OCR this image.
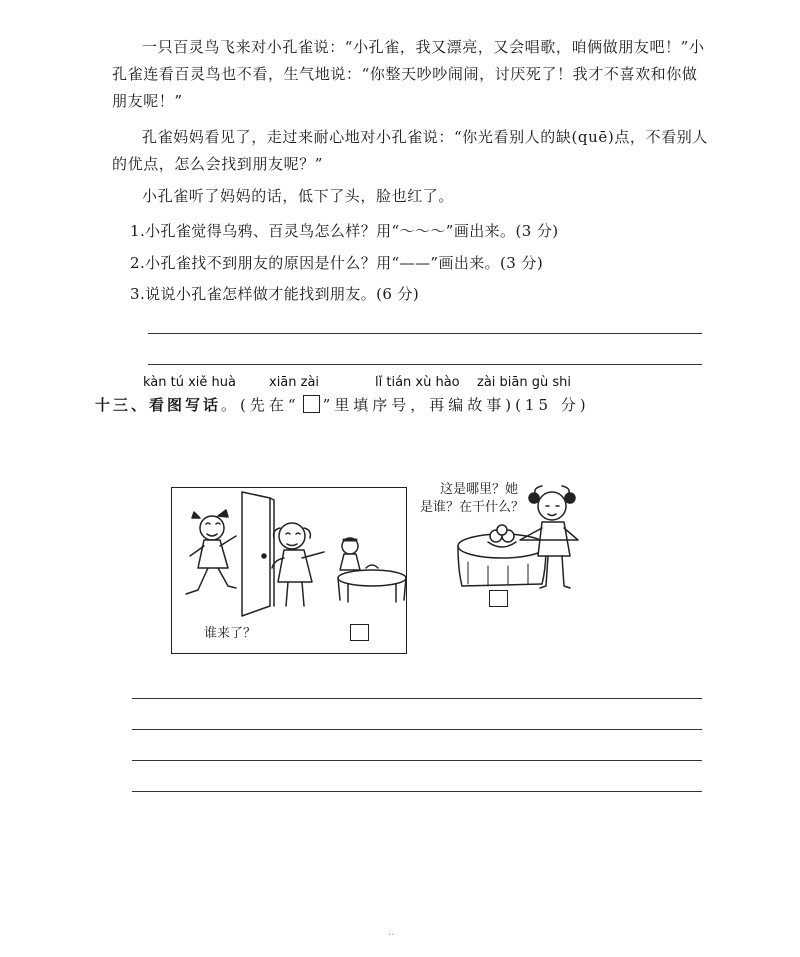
一只百灵鸟飞来对小孔雀说：“小孔雀，我又漂亮，又会唱歌，咱俩做朋友吧！”小孔雀连看百灵鸟也不看，生气地说：“你整天吵吵闹闹，讨厌死了！我才不喜欢和你做朋友呢！”

孔雀妈妈看见了，走过来耐心地对小孔雀说：“你光看别人的缺(quē)点，不看别人的优点，怎么会找到朋友呢？”

小孔雀听了妈妈的话，低下了头，脸也红了。

1.小孔雀觉得乌鸦、百灵鸟怎么样？用“～～～”画出来。(3 分)
2.小孔雀找不到朋友的原因是什么？用“——”画出来。(3 分)
3.说说小孔雀怎样做才能找到朋友。(6 分)
kàn tú xiě huà	xiān zài	lǐ tián xù hào zài biān gù shi
十三、看图写话。(先在“ ”里填序号，再编故事)(15 分)
谁来了？
这是哪里？她
是谁？在干什么？
··
